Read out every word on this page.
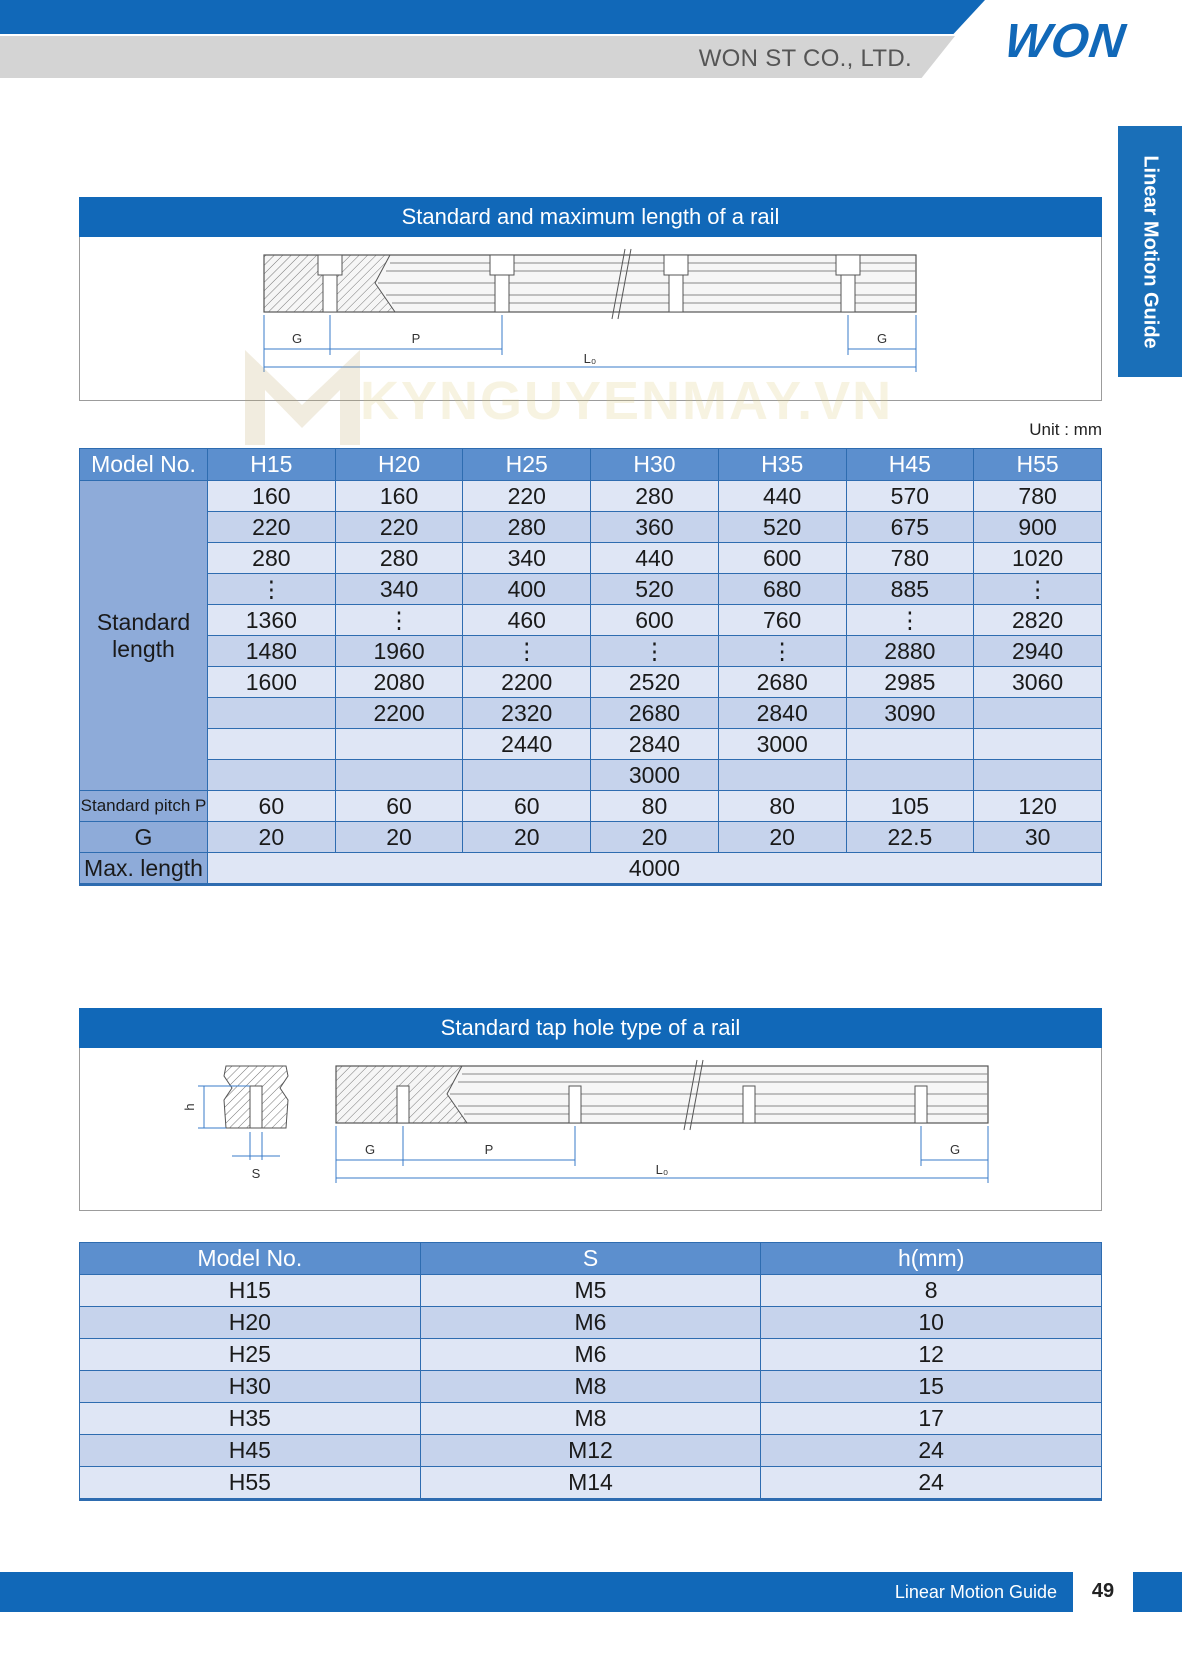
WON ST CO., LTD. WON
Linear Motion Guide
Standard and maximum length of a rail
G	P	G
L₀
KYNGUYENMAY.VN	Unit : mm
Model No.	H15	H20	H25	H30	H35	H45	H55
Standard length	160	160	220	280	440	570	780
	220	220	280	360	520	675	900
	280	280	340	440	600	780	1020
	⋮	340	400	520	680	885	⋮
	1360	⋮	460	600	760	⋮	2820
	1480	1960	⋮	⋮	⋮	2880	2940
	1600	2080	2200	2520	2680	2985	3060
		2200	2320	2680	2840	3090	
			2440	2840	3000		
				3000			
Standard pitch P	60	60	60	80	80	105	120
G	20	20	20	20	20	22.5	30
Max. length	4000						
Standard tap hole type of a rail
h
S
G	P	G
L₀
Model No.	S	h(mm)
H15	M5	8
H20	M6	10
H25	M6	12
H30	M8	15
H35	M8	17
H45	M12	24
H55	M14	24
Linear Motion Guide	49
